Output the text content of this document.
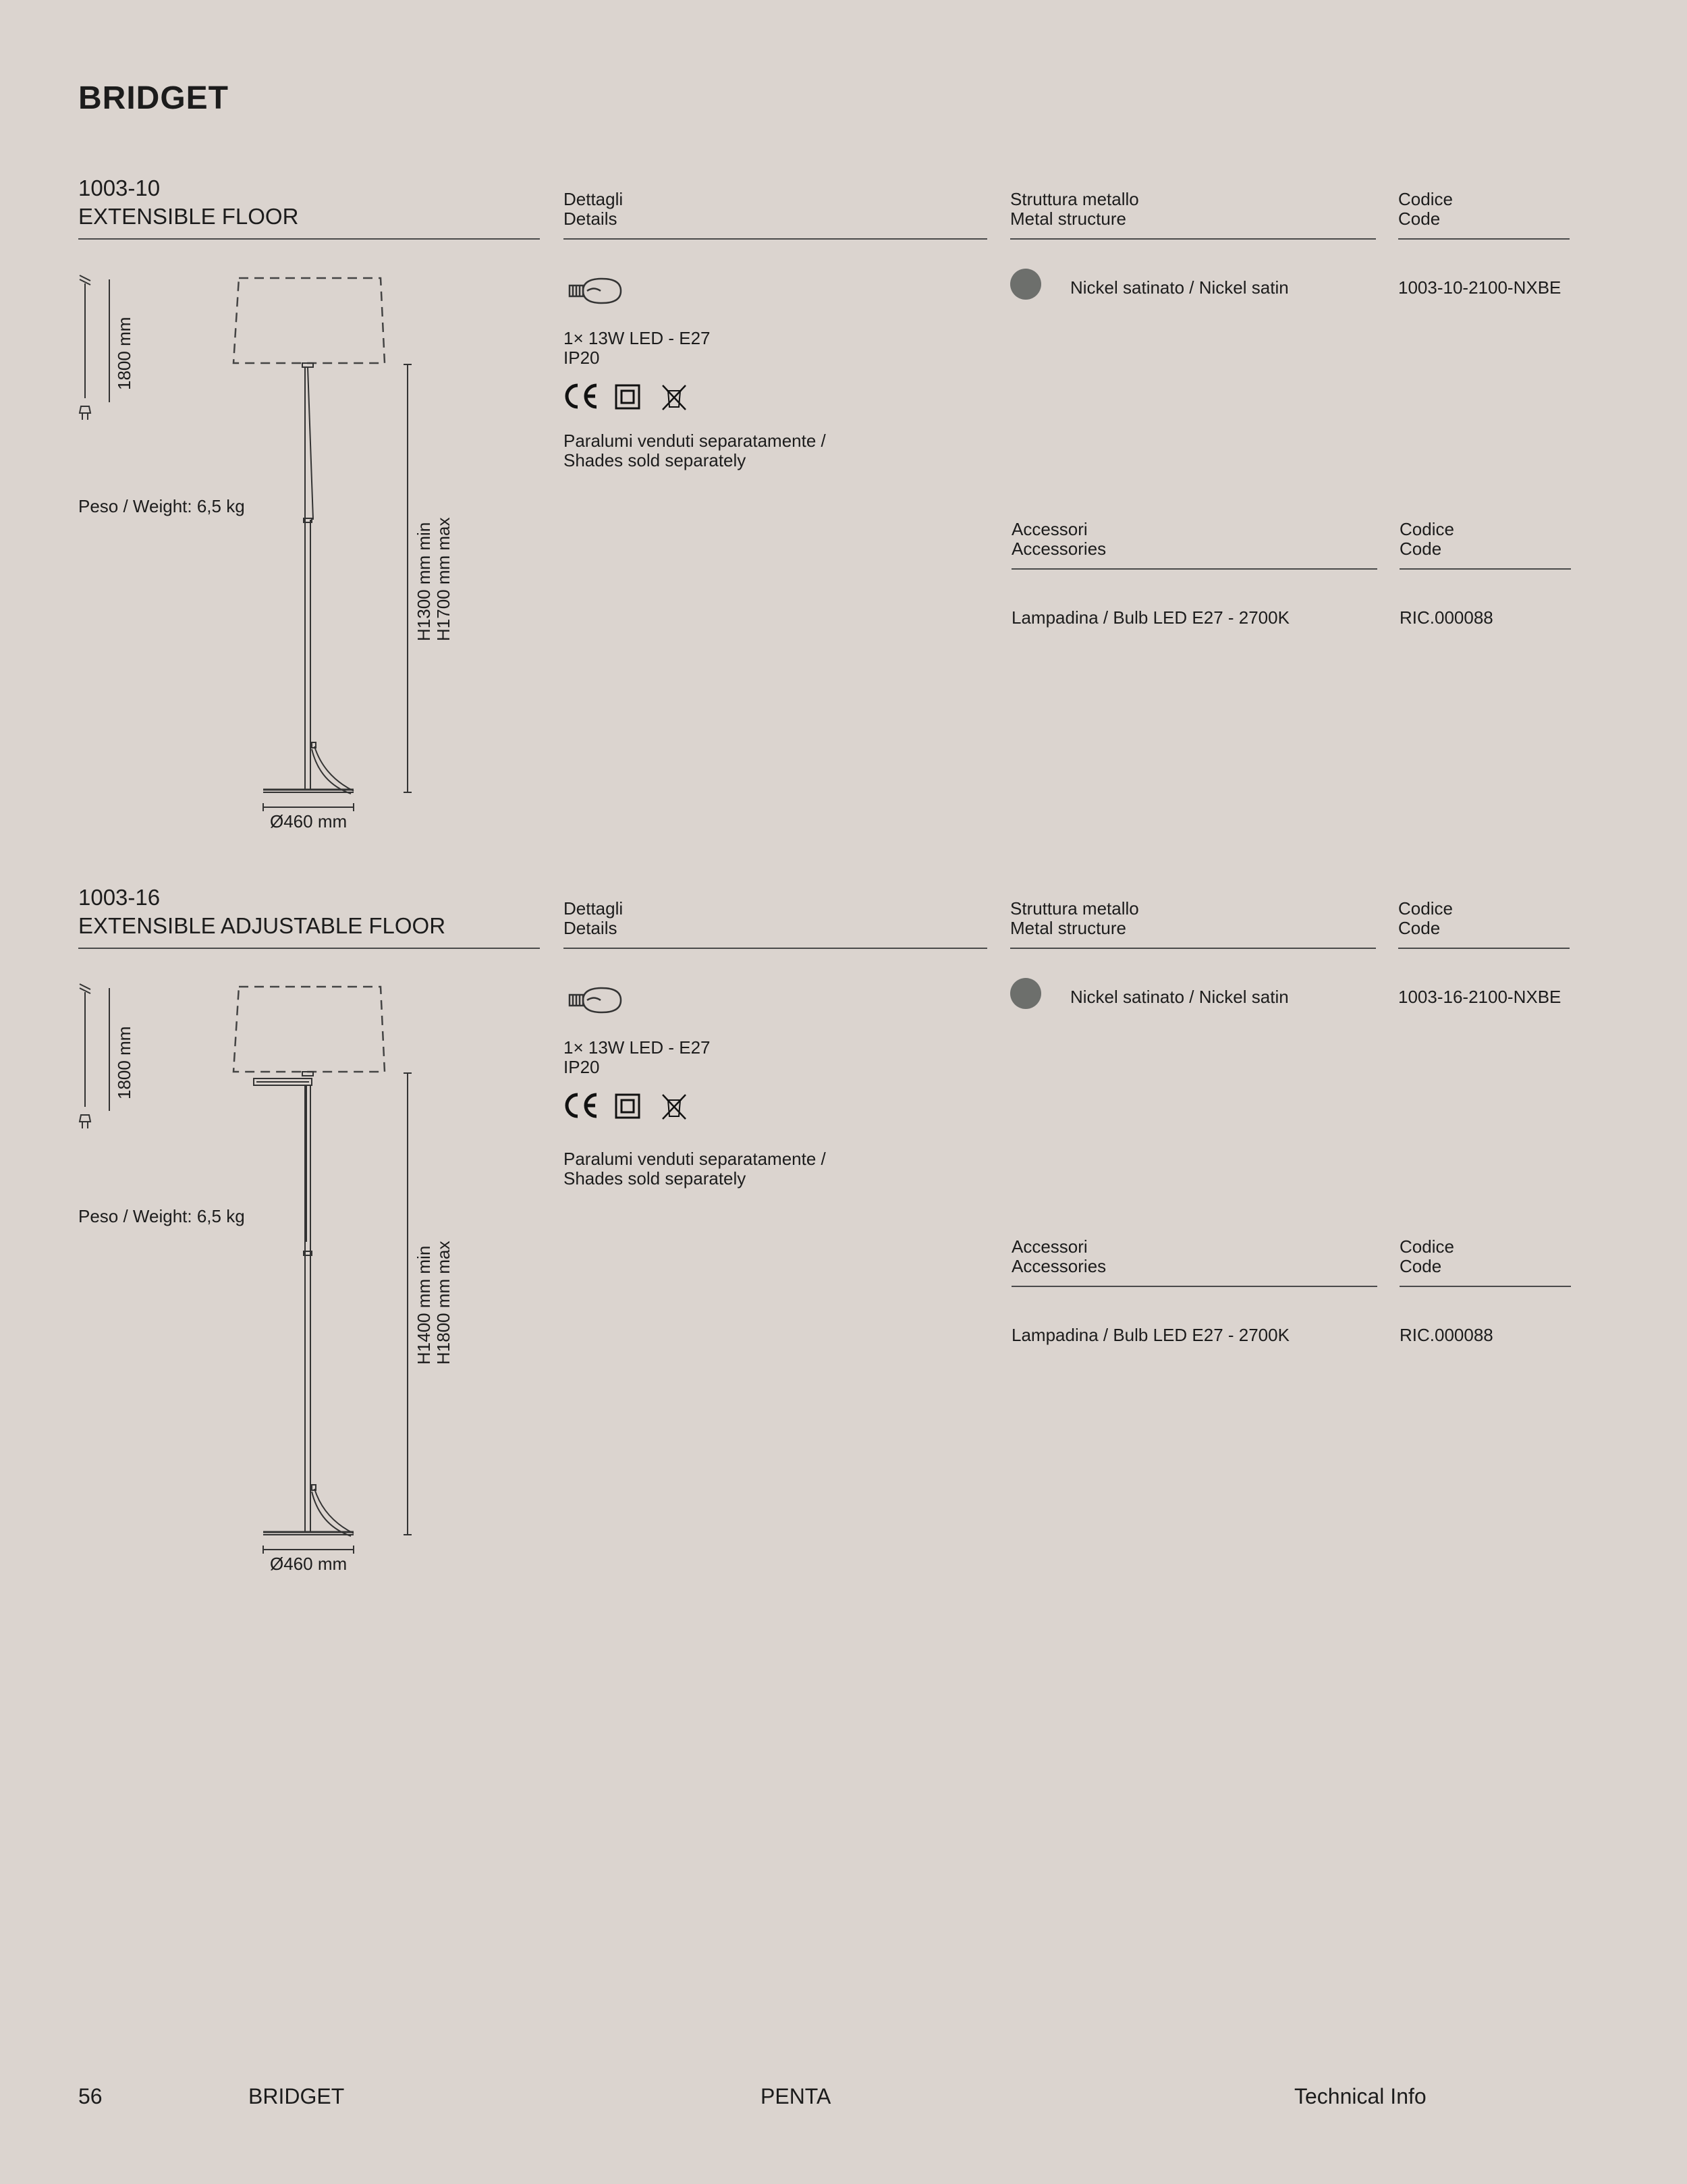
BRIDGET
1003-10
EXTENSIBLE FLOOR
Dettagli
Details
1× 13W LED - E27
IP20
Paralumi venduti separatamente /
Shades sold separately
Struttura metallo
Metal structure
Codice
Code
Nickel satinato / Nickel satin	1003-10-2100-NXBE
Accessori
Accessories
Codice
Code
Lampadina / Bulb LED E27 - 2700K	RIC.000088
1800 mm
H1300 mm min H1700 mm max
Peso / Weight: 6,5 kg
Ø460 mm
1003-16
EXTENSIBLE ADJUSTABLE FLOOR
Dettagli
Details
1× 13W LED - E27
IP20
Paralumi venduti separatamente /
Shades sold separately
Struttura metallo
Metal structure
Codice
Code
Nickel satinato / Nickel satin	1003-16-2100-NXBE
Accessori
Accessories
Codice
Code
Lampadina / Bulb LED E27 - 2700K	RIC.000088
1800 mm
H1400 mm min H1800 mm max
Peso / Weight: 6,5 kg
Ø460 mm
56	BRIDGET	PENTA	Technical Info
